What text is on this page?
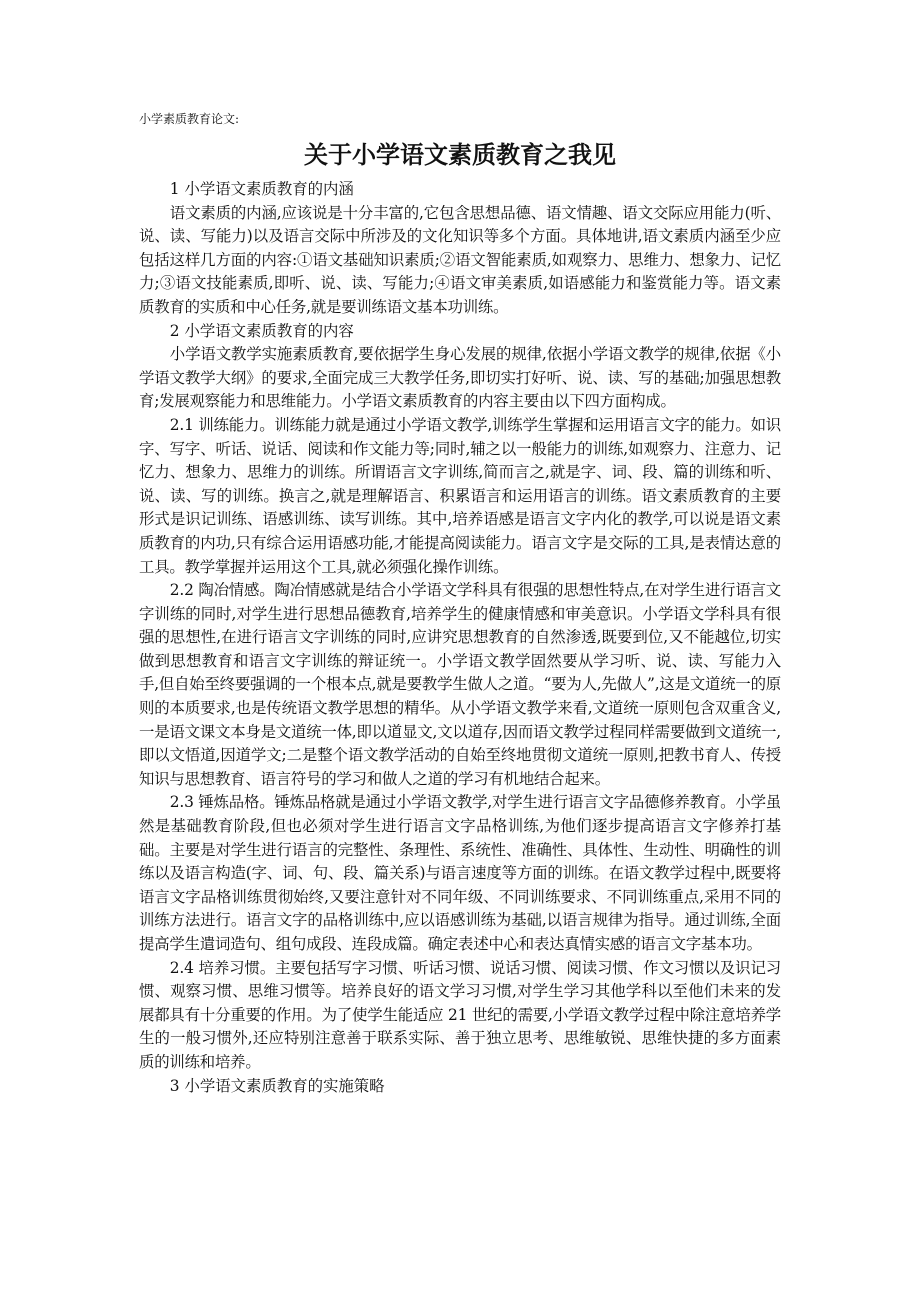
小学素质教育论文:
关于小学语文素质教育之我见
1 小学语文素质教育的内涵

语文素质的内涵,应该说是十分丰富的,它包含思想品德、语文情趣、语文交际应用能力(听、说、读、写能力)以及语言交际中所涉及的文化知识等多个方面。具体地讲,语文素质内涵至少应包括这样几方面的内容:①语文基础知识素质;②语文智能素质,如观察力、思维力、想象力、记忆力;③语文技能素质,即听、说、读、写能力;④语文审美素质,如语感能力和鉴赏能力等。语文素质教育的实质和中心任务,就是要训练语文基本功训练。

2 小学语文素质教育的内容

小学语文教学实施素质教育,要依据学生身心发展的规律,依据小学语文教学的规律,依据《小学语文教学大纲》的要求,全面完成三大教学任务,即切实打好听、说、读、写的基础;加强思想教育;发展观察能力和思维能力。小学语文素质教育的内容主要由以下四方面构成。

2.1 训练能力。训练能力就是通过小学语文教学,训练学生掌握和运用语言文字的能力。如识字、写字、听话、说话、阅读和作文能力等;同时,辅之以一般能力的训练,如观察力、注意力、记忆力、想象力、思维力的训练。所谓语言文字训练,简而言之,就是字、词、段、篇的训练和听、说、读、写的训练。换言之,就是理解语言、积累语言和运用语言的训练。语文素质教育的主要形式是识记训练、语感训练、读写训练。其中,培养语感是语言文字内化的教学,可以说是语文素质教育的内功,只有综合运用语感功能,才能提高阅读能力。语言文字是交际的工具,是表情达意的工具。教学掌握并运用这个工具,就必须强化操作训练。

2.2 陶冶情感。陶冶情感就是结合小学语文学科具有很强的思想性特点,在对学生进行语言文字训练的同时,对学生进行思想品德教育,培养学生的健康情感和审美意识。小学语文学科具有很强的思想性,在进行语言文字训练的同时,应讲究思想教育的自然渗透,既要到位,又不能越位,切实做到思想教育和语言文字训练的辩证统一。小学语文教学固然要从学习听、说、读、写能力入手,但自始至终要强调的一个根本点,就是要教学生做人之道。“要为人,先做人”,这是文道统一的原则的本质要求,也是传统语文教学思想的精华。从小学语文教学来看,文道统一原则包含双重含义,一是语文课文本身是文道统一体,即以道显文,文以道存,因而语文教学过程同样需要做到文道统一,即以文悟道,因道学文;二是整个语文教学活动的自始至终地贯彻文道统一原则,把教书育人、传授知识与思想教育、语言符号的学习和做人之道的学习有机地结合起来。

2.3 锤炼品格。锤炼品格就是通过小学语文教学,对学生进行语言文字品德修养教育。小学虽然是基础教育阶段,但也必须对学生进行语言文字品格训练,为他们逐步提高语言文字修养打基础。主要是对学生进行语言的完整性、条理性、系统性、准确性、具体性、生动性、明确性的训练以及语言构造(字、词、句、段、篇关系)与语言速度等方面的训练。在语文教学过程中,既要将语言文字品格训练贯彻始终,又要注意针对不同年级、不同训练要求、不同训练重点,采用不同的训练方法进行。语言文字的品格训练中,应以语感训练为基础,以语言规律为指导。通过训练,全面提高学生遣词造句、组句成段、连段成篇。确定表述中心和表达真情实感的语言文字基本功。

2.4 培养习惯。主要包括写字习惯、听话习惯、说话习惯、阅读习惯、作文习惯以及识记习惯、观察习惯、思维习惯等。培养良好的语文学习习惯,对学生学习其他学科以至他们未来的发展都具有十分重要的作用。为了使学生能适应 21 世纪的需要,小学语文教学过程中除注意培养学生的一般习惯外,还应特别注意善于联系实际、善于独立思考、思维敏锐、思维快捷的多方面素质的训练和培养。

3 小学语文素质教育的实施策略
